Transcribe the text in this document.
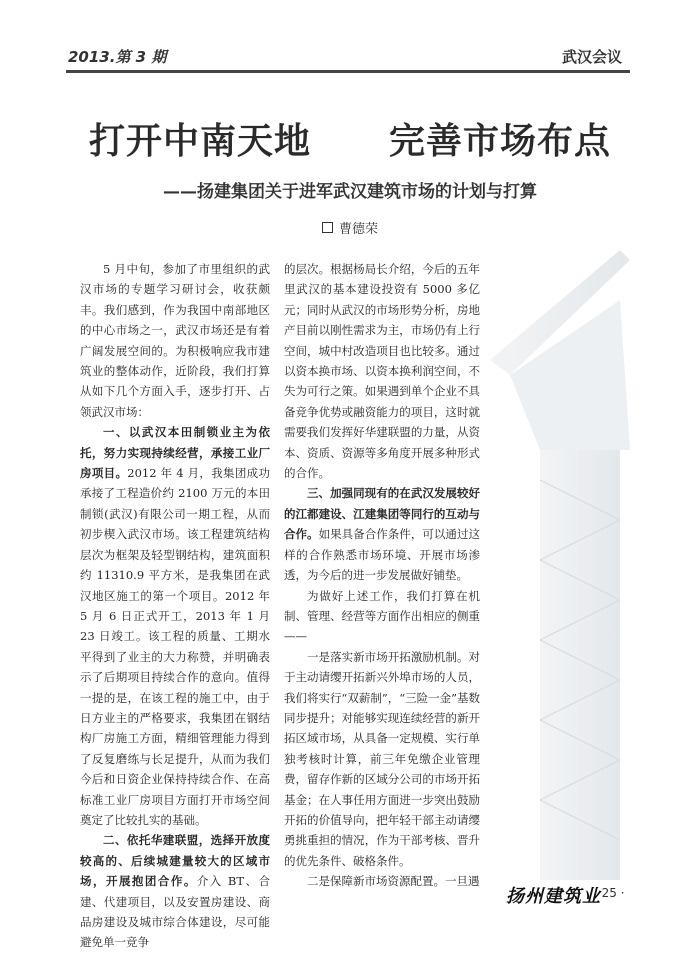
2013.第 3 期	武汉会议
打开中南天地 完善市场布点
——扬建集团关于进军武汉建筑市场的计划与打算
曹德荣

5 月中旬，参加了市里组织的武汉市场的专题学习研讨会，收获颇丰。我们感到，作为我国中南部地区的中心市场之一，武汉市场还是有着广阔发展空间的。为积极响应我市建筑业的整体动作，近阶段，我们打算从如下几个方面入手，逐步打开、占领武汉市场：

一、以武汉本田制锁业主为依托，努力实现持续经营，承接工业厂房项目。2012 年 4 月，我集团成功承接了工程造价约 2100 万元的本田制锁(武汉)有限公司一期工程，从而初步楔入武汉市场。该工程建筑结构层次为框架及轻型钢结构，建筑面积约 11310.9 平方米，是我集团在武汉地区施工的第一个项目。2012 年 5 月 6 日正式开工，2013 年 1 月 23 日竣工。该工程的质量、工期水平得到了业主的大力称赞，并明确表示了后期项目持续合作的意向。值得一提的是，在该工程的施工中，由于日方业主的严格要求，我集团在钢结构厂房施工方面，精细管理能力得到了反复磨练与长足提升，从而为我们今后和日资企业保持持续合作、在高标准工业厂房项目方面打开市场空间奠定了比较扎实的基础。

二、依托华建联盟，选择开放度较高的、后续城建量较大的区域市场，开展抱团合作。介入 BT、合建、代建项目，以及安置房建设、商品房建设及城市综合体建设，尽可能避免单一竞争

的层次。根据杨局长介绍，今后的五年里武汉的基本建设投资有 5000 多亿元；同时从武汉的市场形势分析，房地产目前以刚性需求为主，市场仍有上行空间，城中村改造项目也比较多。通过以资本换市场、以资本换利润空间，不失为可行之策。如果遇到单个企业不具备竞争优势或融资能力的项目，这时就需要我们发挥好华建联盟的力量，从资本、资质、资源等多角度开展多种形式的合作。

三、加强同现有的在武汉发展较好的江都建设、江建集团等同行的互动与合作。如果具备合作条件，可以通过这样的合作熟悉市场环境、开展市场渗透，为今后的进一步发展做好铺垫。

为做好上述工作，我们打算在机制、管理、经营等方面作出相应的侧重——

一是落实新市场开拓激励机制。对于主动请缨开拓新兴外埠市场的人员，我们将实行“双薪制”，“三险一金”基数同步提升；对能够实现连续经营的新开拓区域市场，从具备一定规模、实行单独考核时计算，前三年免缴企业管理费，留存作新的区域分公司的市场开拓基金；在人事任用方面进一步突出鼓励开拓的价值导向，把年轻干部主动请缨勇挑重担的情况，作为干部考核、晋升的优先条件、破格条件。

二是保障新市场资源配置。一旦遇

扬州建筑业
· 25 ·
